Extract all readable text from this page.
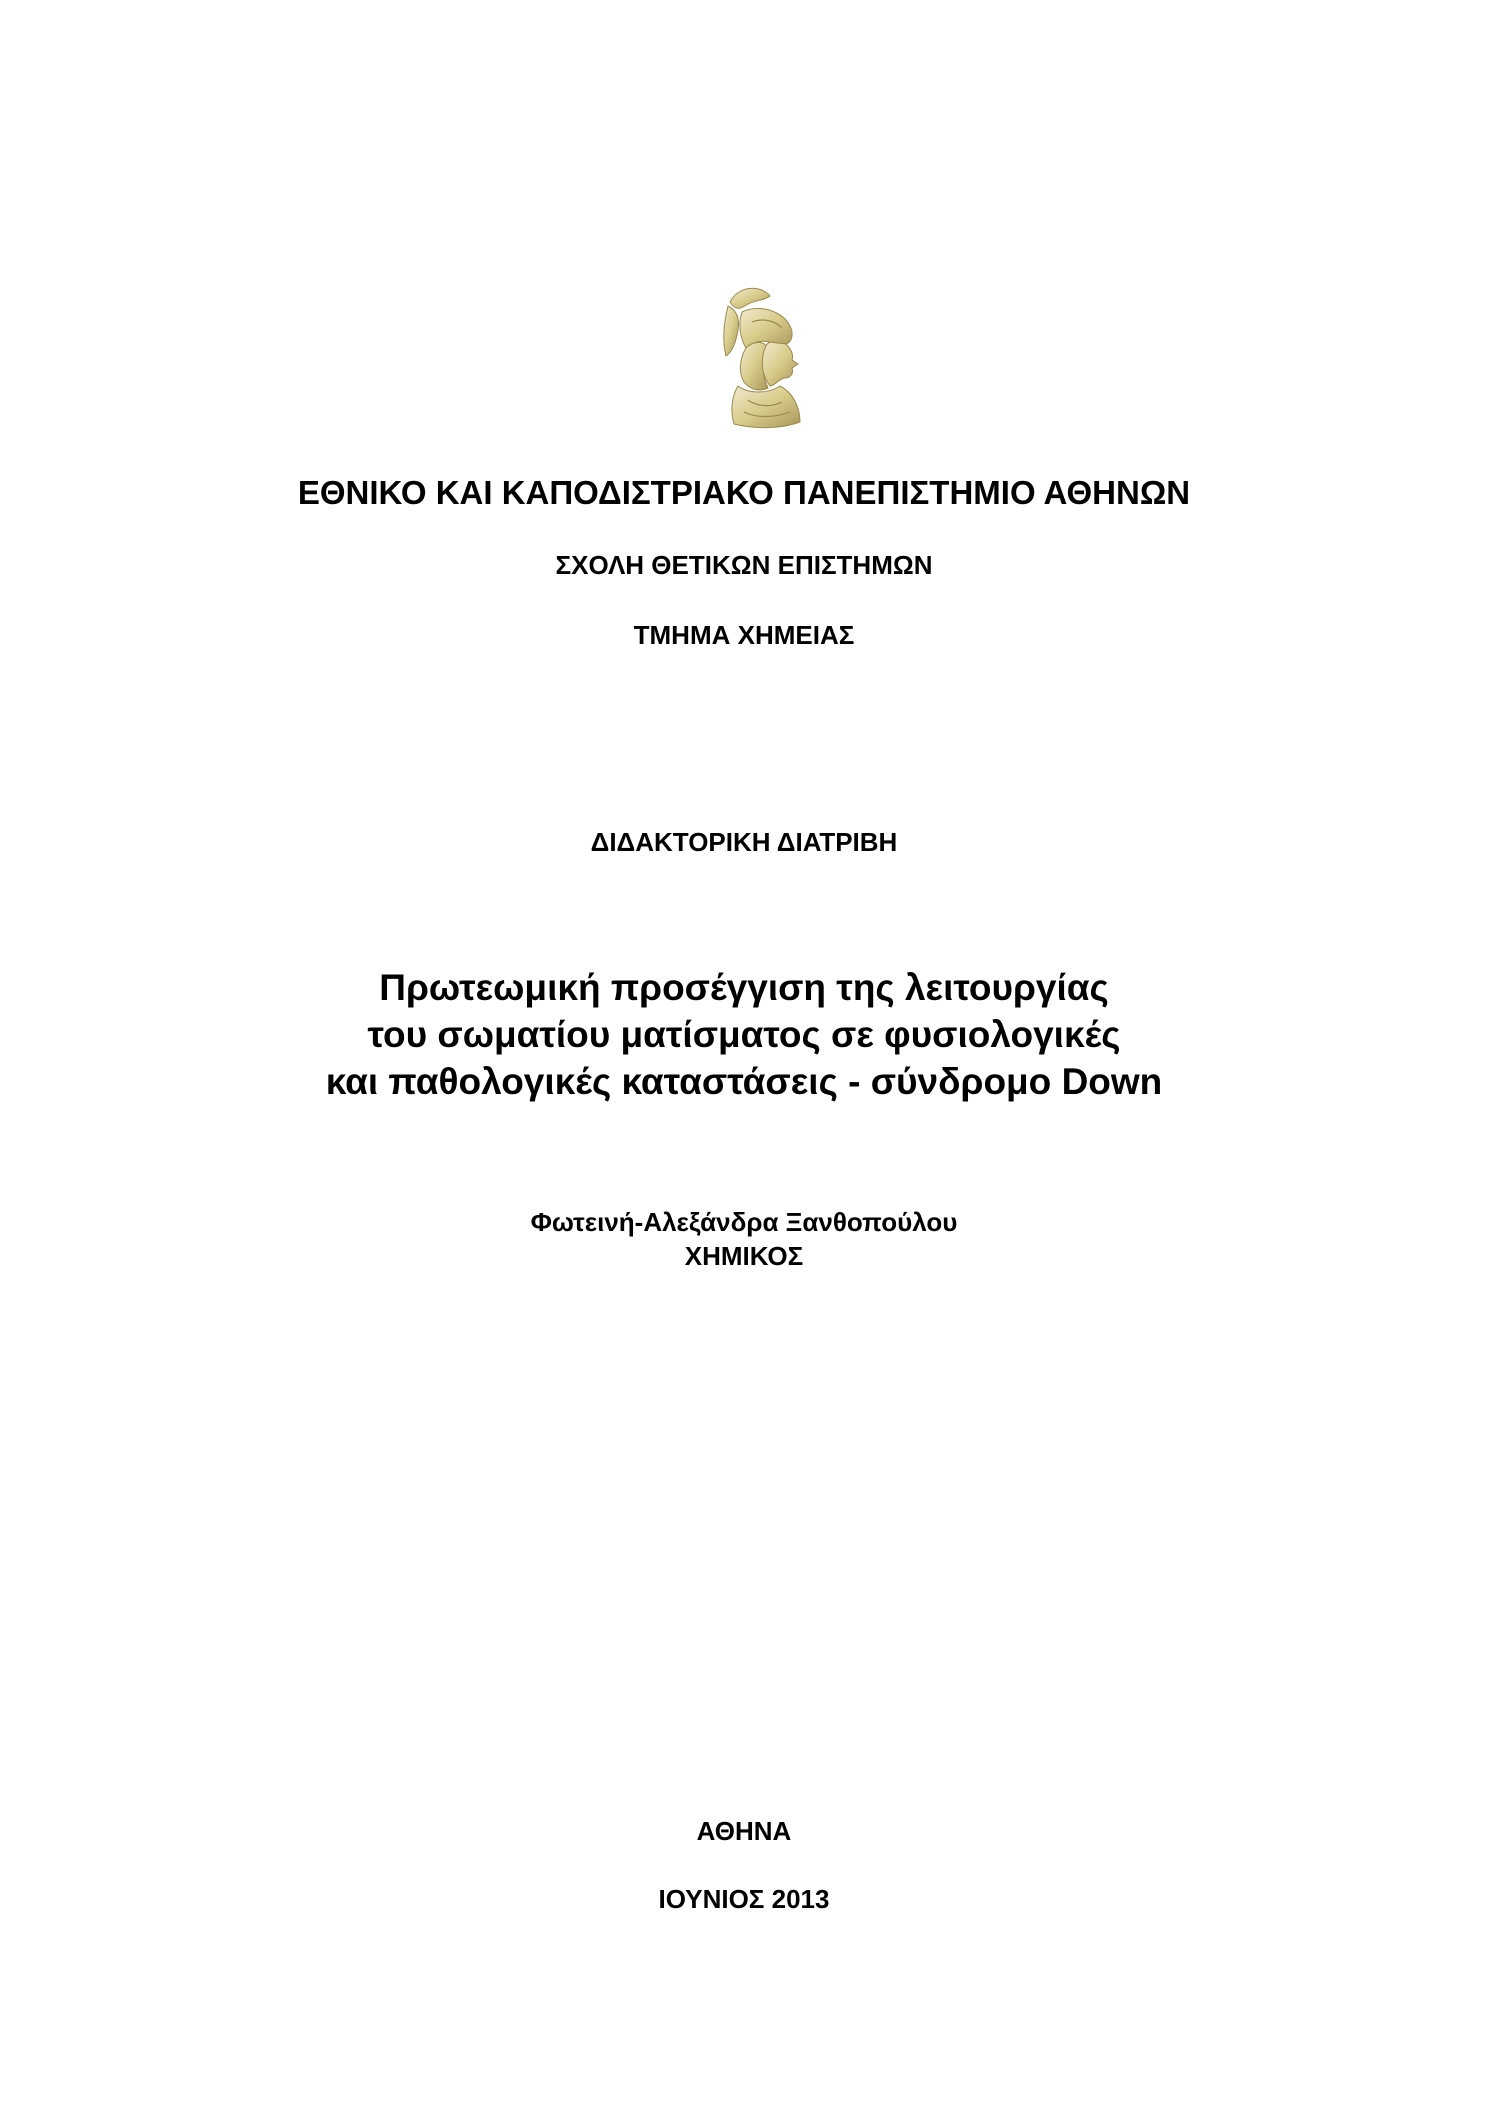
ΕΘΝΙΚΟ ΚΑΙ ΚΑΠΟΔΙΣΤΡΙΑΚΟ ΠΑΝΕΠΙΣΤΗΜΙΟ ΑΘΗΝΩΝ
ΣΧΟΛΗ ΘΕΤΙΚΩΝ ΕΠΙΣΤΗΜΩΝ
ΤΜΗΜΑ ΧΗΜΕΙΑΣ
ΔΙΔΑΚΤΟΡΙΚΗ ΔΙΑΤΡΙΒΗ
Πρωτεωμική προσέγγιση της λειτουργίας
του σωματίου ματίσματος σε φυσιολογικές
και παθολογικές καταστάσεις - σύνδρομο Down
Φωτεινή-Αλεξάνδρα Ξανθοπούλου
ΧΗΜΙΚΟΣ
ΑΘΗΝΑ
ΙΟΥΝΙΟΣ 2013
